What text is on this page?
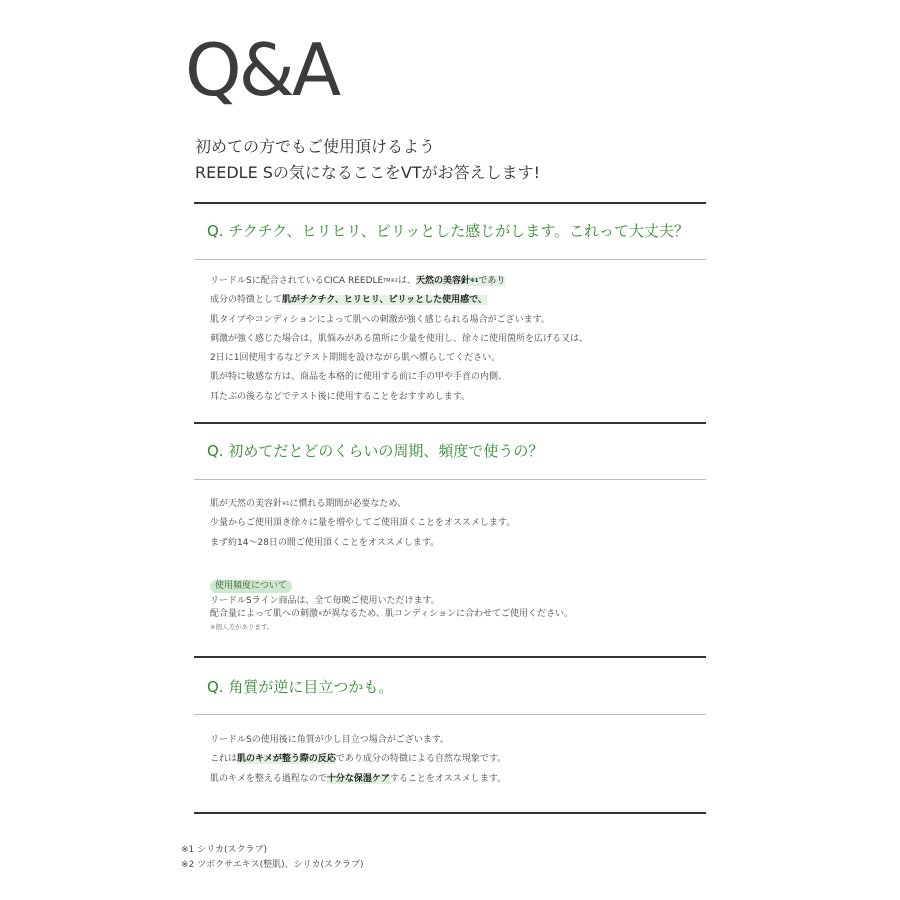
Q&A
初めての方でもご使用頂けるよう
REEDLE Sの気になるここをVTがお答えします!
Q. チクチク、ヒリヒリ、ピリッとした感じがします。これって大丈夫？
リードルSに配合されているCICA $REEDLE^{TM※2}$は、天然の美容針$^{※1}$であり
成分の特徴として肌がチクチク、ヒリヒリ、ピリッとした使用感で、
肌タイプやコンディションによって肌への刺激が強く感じられる場合がございます。
刺激が強く感じた場合は、肌悩みがある箇所に少量を使用し、徐々に使用箇所を広げる又は、
2日に1回使用するなどテスト期間を設けながら肌へ慣らしてください。
肌が特に敏感な方は、商品を本格的に使用する前に手の甲や手首の内側、
耳たぶの後ろなどでテスト後に使用することをおすすめします。
Q. 初めてだとどのくらいの周期、頻度で使うの？
肌が天然の美容針$^{※1}$に慣れる期間が必要なため、
少量からご使用頂き徐々に量を増やしてご使用頂くことをオススメします。
まず約14～28日の間ご使用頂くことをオススメします。
使用頻度について
リードルSライン商品は、全て毎晩ご使用いただけます。
配合量によって肌への刺激※が異なるため、肌コンディションに合わせてご使用ください。
※個人差があります。
Q. 角質が逆に目立つかも。
リードルSの使用後に角質が少し目立つ場合がございます。
これは肌のキメが整う際の反応であり成分の特徴による自然な現象です。
肌のキメを整える過程なので十分な保湿ケアすることをオススメします。
※1 シリカ(スクラブ)
※2 ツボクサエキス(整肌)、シリカ(スクラブ)
